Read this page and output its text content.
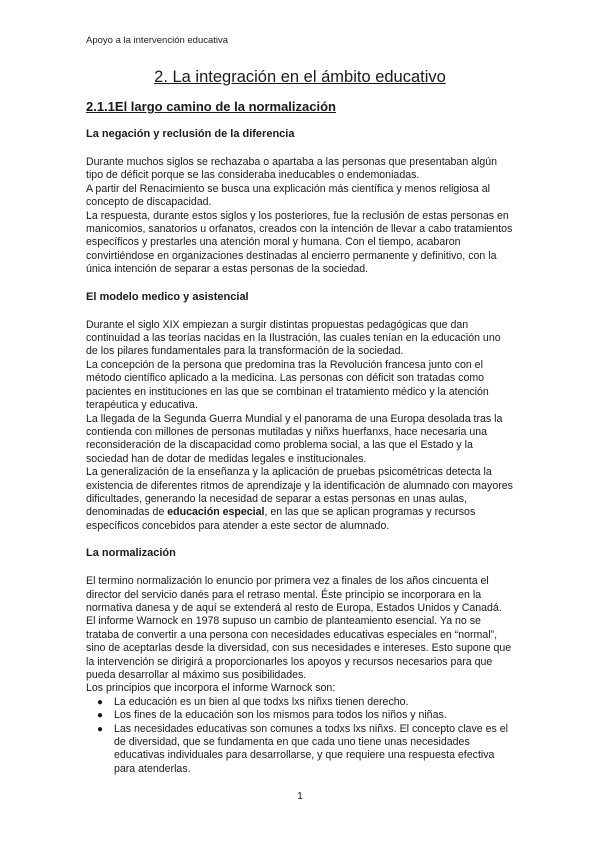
Apoyo a la intervención educativa
2. La integración en el ámbito educativo
2.1.1El largo camino de la normalización
La negación y reclusión de la diferencia

Durante muchos siglos se rechazaba o apartaba a las personas que presentaban algún tipo de déficit porque se las consideraba ineducables o endemoniadas.

A partir del Renacimiento se busca una explicación más científica y menos religiosa al concepto de discapacidad.

La respuesta, durante estos siglos y los posteriores, fue la reclusión de estas personas en manicomios, sanatorios u orfanatos, creados con la intención de llevar a cabo tratamientos específicos y prestarles una atención moral y humana. Con el tiempo, acabaron convirtiéndose en organizaciones destinadas al encierro permanente y definitivo, con la única intención de separar a estas personas de la sociedad.

El modelo medico y asistencial

Durante el siglo XIX empiezan a surgir distintas propuestas pedagógicas que dan continuidad a las teorías nacidas en la Ilustración, las cuales tenían en la educación uno de los pilares fundamentales para la transformación de la sociedad.

La concepción de la persona que predomina tras la Revolución francesa junto con el método científico aplicado a la medicina. Las personas con déficit son tratadas como pacientes en instituciones en las que se combinan el tratamiento médico y la atención terapéutica y educativa.

La llegada de la Segunda Guerra Mundial y el panorama de una Europa desolada tras la contienda con millones de personas mutiladas y niñxs huerfanxs, hace necesaria una reconsideración de la discapacidad como problema social, a las que el Estado y la sociedad han de dotar de medidas legales e institucionales.

La generalización de la enseñanza y la aplicación de pruebas psicométricas detecta la existencia de diferentes ritmos de aprendizaje y la identificación de alumnado con mayores dificultades, generando la necesidad de separar a estas personas en unas aulas, denominadas de educación especial, en las que se aplican programas y recursos específicos concebidos para atender a este sector de alumnado.

La normalización

El termino normalización lo enuncio por primera vez a finales de los años cincuenta el director del servicio danés para el retraso mental. Éste principio se incorporara en la normativa danesa y de aquí se extenderá al resto de Europa, Estados Unidos y Canadá.

El informe Warnock en 1978 supuso un cambio de planteamiento esencial. Ya no se trataba de convertir a una persona con necesidades educativas especiales en “normal”, sino de aceptarlas desde la diversidad, con sus necesidades e intereses. Esto supone que la intervención se dirigirá a proporcionarles los apoyos y recursos necesarios para que pueda desarrollar al máximo sus posibilidades.

Los principios que incorpora el informe Warnock son:

● La educación es un bien al que todxs lxs niñxs tienen derecho.
● Los fines de la educación son los mismos para todos los niños y niñas.
● Las necesidades educativas son comunes a todxs lxs niñxs. El concepto clave es el de diversidad, que se fundamenta en que cada uno tiene unas necesidades educativas individuales para desarrollarse, y que requiere una respuesta efectiva para atenderlas.
1
